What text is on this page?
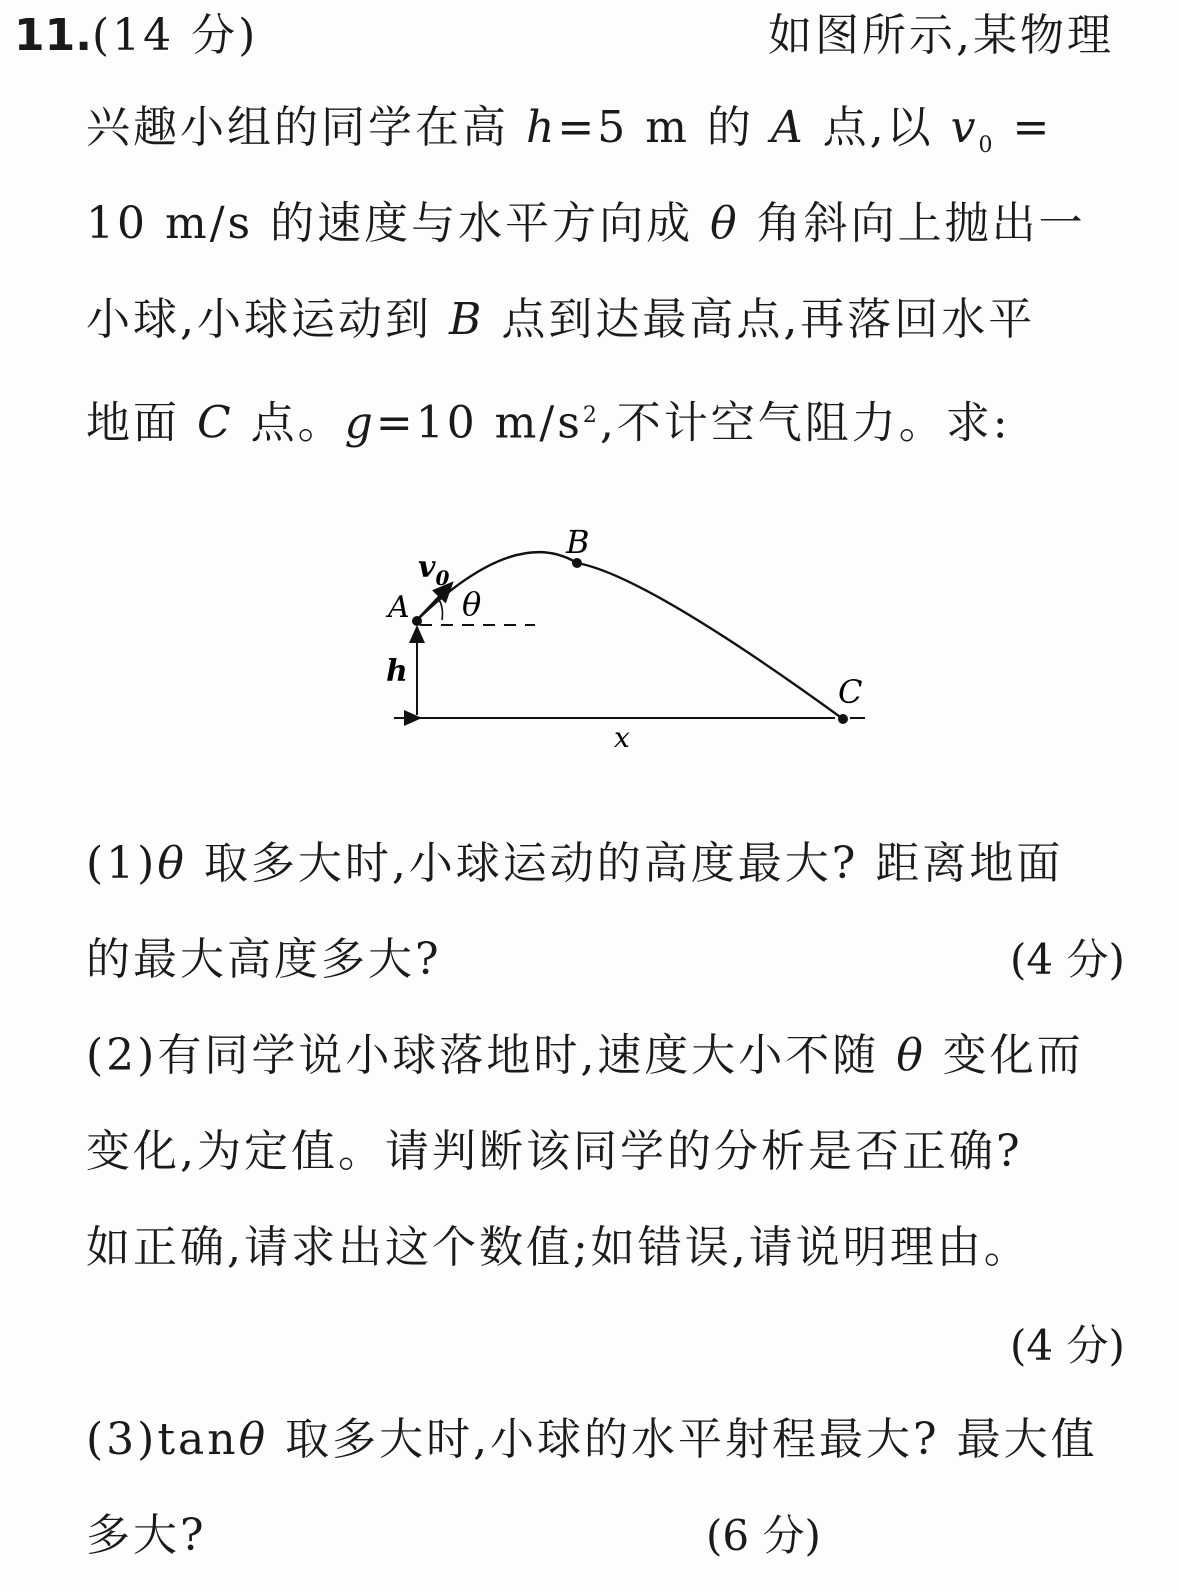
11.(14 分)	如图所示,某物理
兴趣小组的同学在高 h=5 m 的 A 点,以 $v_0$ =
10 m/s 的速度与水平方向成 θ 角斜向上抛出一
小球,小球运动到 B 点到达最高点,再落回水平
地面 C 点。g=10 $m/s^2$,不计空气阻力。求:
B
$v_0$
A θ
h
C
x
(1)θ 取多大时,小球运动的高度最大? 距离地面
的最大高度多大?	(4 分)
(2)有同学说小球落地时,速度大小不随 θ 变化而
变化,为定值。请判断该同学的分析是否正确?
如正确,请求出这个数值;如错误,请说明理由。
(4 分)
(3)tanθ 取多大时,小球的水平射程最大? 最大值
多大?	(6 分)
